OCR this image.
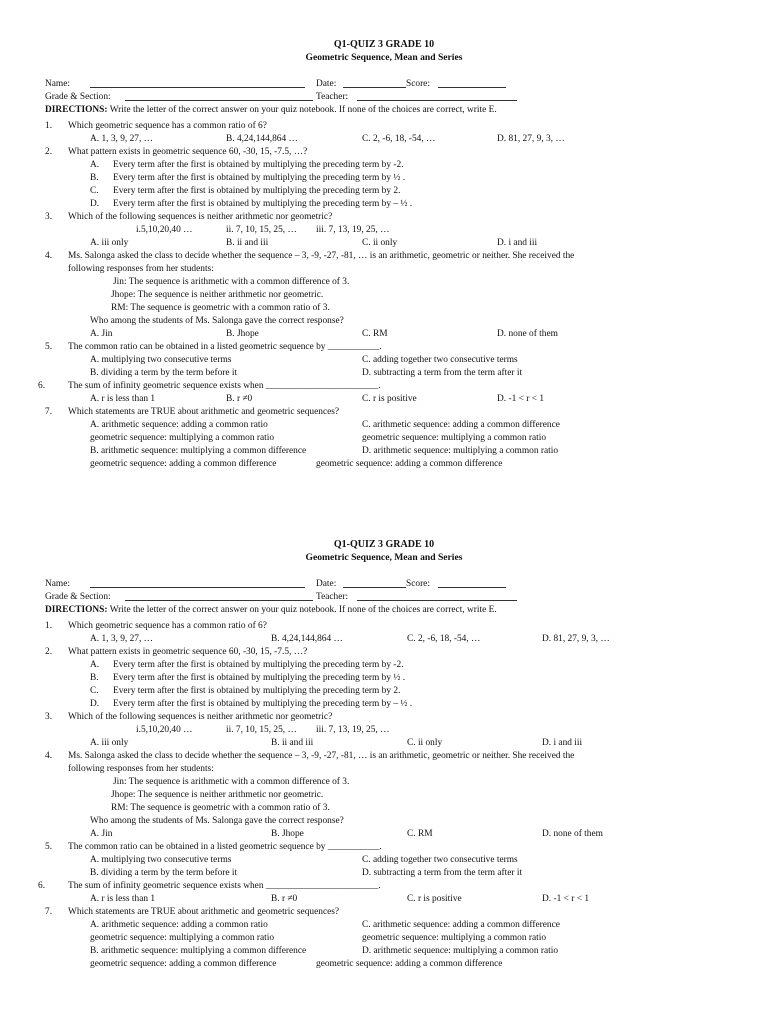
Q1-QUIZ 3 GRADE 10
Geometric Sequence, Mean and Series
Name:	Date:	Score:
Grade & Section:	Teacher:
DIRECTIONS: Write the letter of the correct answer on your quiz notebook. If none of the choices are correct, write E.
1. Which geometric sequence has a common ratio of 6?
A. 1, 3, 9, 27, …	B. 4,24,144,864 …	C. 2, -6, 18, -54, …	D. 81, 27, 9, 3, …
2. What pattern exists in geometric sequence 60, -30, 15, -7.5, …?
A. Every term after the first is obtained by multiplying the preceding term by -2.
B. Every term after the first is obtained by multiplying the preceding term by ½ .
C. Every term after the first is obtained by multiplying the preceding term by 2.
D. Every term after the first is obtained by multiplying the preceding term by – ½ .
3. Which of the following sequences is neither arithmetic nor geometric?
i.5,10,20,40 …	ii. 7, 10, 15, 25, … iii. 7, 13, 19, 25, …
A. iii only	B. ii and iii	C. ii only	D. i and iii
4. Ms. Salonga asked the class to decide whether the sequence – 3, -9, -27, -81, … is an arithmetic, geometric or neither. She received the
following responses from her students:
Jin: The sequence is arithmetic with a common difference of 3.
Jhope: The sequence is neither arithmetic nor geometric.
RM: The sequence is geometric with a common ratio of 3.
Who among the students of Ms. Salonga gave the correct response?
A. Jin	B. Jhope	C. RM	D. none of them
5. The common ratio can be obtained in a listed geometric sequence by ___________.
A. multiplying two consecutive terms	C. adding together two consecutive terms
B. dividing a term by the term before it	D. subtracting a term from the term after it
6. The sum of infinity geometric sequence exists when ________________________.
A. r is less than 1	B. r ≠0	C. r is positive	D. -1 < r < 1
7. Which statements are TRUE about arithmetic and geometric sequences?
A. arithmetic sequence: adding a common ratio	C. arithmetic sequence: adding a common difference
geometric sequence: multiplying a common ratio	geometric sequence: multiplying a common ratio
B. arithmetic sequence: multiplying a common difference	D. arithmetic sequence: multiplying a common ratio
geometric sequence: adding a common difference	geometric sequence: adding a common difference
Q1-QUIZ 3 GRADE 10
Geometric Sequence, Mean and Series
Name:	Date:	Score:
Grade & Section:	Teacher:
DIRECTIONS: Write the letter of the correct answer on your quiz notebook. If none of the choices are correct, write E.
1. Which geometric sequence has a common ratio of 6?
A. 1, 3, 9, 27, …	B. 4,24,144,864 …	C. 2, -6, 18, -54, …	D. 81, 27, 9, 3, …
2. What pattern exists in geometric sequence 60, -30, 15, -7.5, …?
A. Every term after the first is obtained by multiplying the preceding term by -2.
B. Every term after the first is obtained by multiplying the preceding term by ½ .
C. Every term after the first is obtained by multiplying the preceding term by 2.
D. Every term after the first is obtained by multiplying the preceding term by – ½ .
3. Which of the following sequences is neither arithmetic nor geometric?
i.5,10,20,40 …	ii. 7, 10, 15, 25, … iii. 7, 13, 19, 25, …
A. iii only	B. ii and iii	C. ii only	D. i and iii
4. Ms. Salonga asked the class to decide whether the sequence – 3, -9, -27, -81, … is an arithmetic, geometric or neither. She received the
following responses from her students:
Jin: The sequence is arithmetic with a common difference of 3.
Jhope: The sequence is neither arithmetic nor geometric.
RM: The sequence is geometric with a common ratio of 3.
Who among the students of Ms. Salonga gave the correct response?
A. Jin	B. Jhope	C. RM	D. none of them
5. The common ratio can be obtained in a listed geometric sequence by ___________.
A. multiplying two consecutive terms	C. adding together two consecutive terms
B. dividing a term by the term before it	D. subtracting a term from the term after it
6. The sum of infinity geometric sequence exists when ________________________.
A. r is less than 1	B. r ≠0	C. r is positive	D. -1 < r < 1
7. Which statements are TRUE about arithmetic and geometric sequences?
A. arithmetic sequence: adding a common ratio	C. arithmetic sequence: adding a common difference
geometric sequence: multiplying a common ratio	geometric sequence: multiplying a common ratio
B. arithmetic sequence: multiplying a common difference	D. arithmetic sequence: multiplying a common ratio
geometric sequence: adding a common difference	geometric sequence: adding a common difference
